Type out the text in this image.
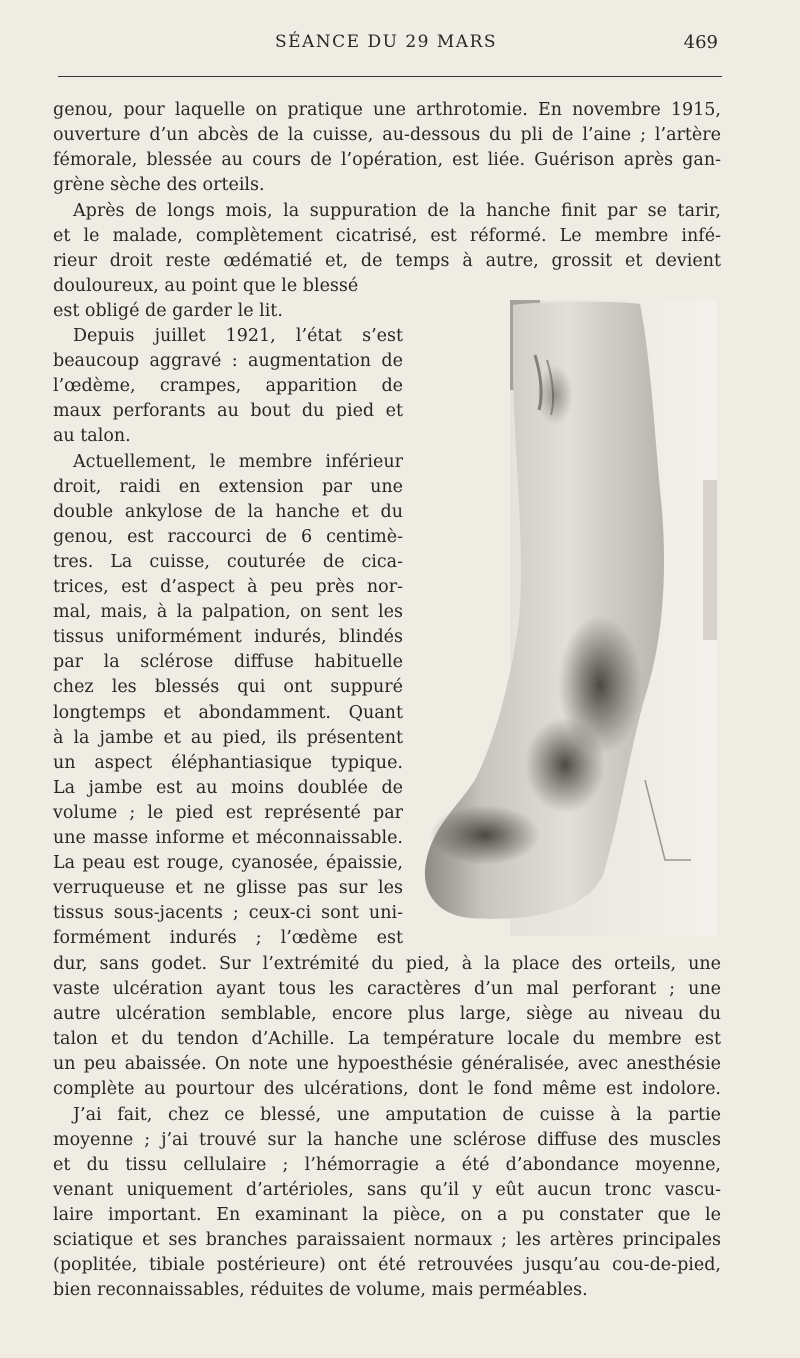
SÉANCE DU 29 MARS	469
genou, pour laquelle on pratique une arthrotomie. En novembre 1915,
ouverture d’un abcès de la cuisse, au-dessous du pli de l’aine ; l’artère
fémorale, blessée au cours de l’opération, est liée. Guérison après gan-
grène sèche des orteils.
Après de longs mois, la suppuration de la hanche finit par se tarir,
et le malade, complètement cicatrisé, est réformé. Le membre infé-
rieur droit reste œdématié et, de temps à autre, grossit et devient
douloureux, au point que le blessé
est obligé de garder le lit.
Depuis juillet 1921, l’état s’est
beaucoup aggravé : augmentation de
l’œdème, crampes, apparition de
maux perforants au bout du pied et
au talon.
Actuellement, le membre inférieur
droit, raidi en extension par une
double ankylose de la hanche et du
genou, est raccourci de 6 centimè-
tres. La cuisse, couturée de cica-
trices, est d’aspect à peu près nor-
mal, mais, à la palpation, on sent les
tissus uniformément indurés, blindés
par la sclérose diffuse habituelle
chez les blessés qui ont suppuré
longtemps et abondamment. Quant
à la jambe et au pied, ils présentent
un aspect éléphantiasique typique.
La jambe est au moins doublée de
volume ; le pied est représenté par
une masse informe et méconnaissable.
La peau est rouge, cyanosée, épaissie,
verruqueuse et ne glisse pas sur les
tissus sous-jacents ; ceux-ci sont uni-
formément indurés ; l’œdème est
dur, sans godet. Sur l’extrémité du pied, à la place des orteils, une
vaste ulcération ayant tous les caractères d’un mal perforant ; une
autre ulcération semblable, encore plus large, siège au niveau du
talon et du tendon d’Achille. La température locale du membre est
un peu abaissée. On note une hypoesthésie généralisée, avec anesthésie
complète au pourtour des ulcérations, dont le fond même est indolore.
J’ai fait, chez ce blessé, une amputation de cuisse à la partie
moyenne ; j’ai trouvé sur la hanche une sclérose diffuse des muscles
et du tissu cellulaire ; l’hémorragie a été d’abondance moyenne,
venant uniquement d’artérioles, sans qu’il y eût aucun tronc vascu-
laire important. En examinant la pièce, on a pu constater que le
sciatique et ses branches paraissaient normaux ; les artères principales
(poplitée, tibiale postérieure) ont été retrouvées jusqu’au cou-de-pied,
bien reconnaissables, réduites de volume, mais perméables.
